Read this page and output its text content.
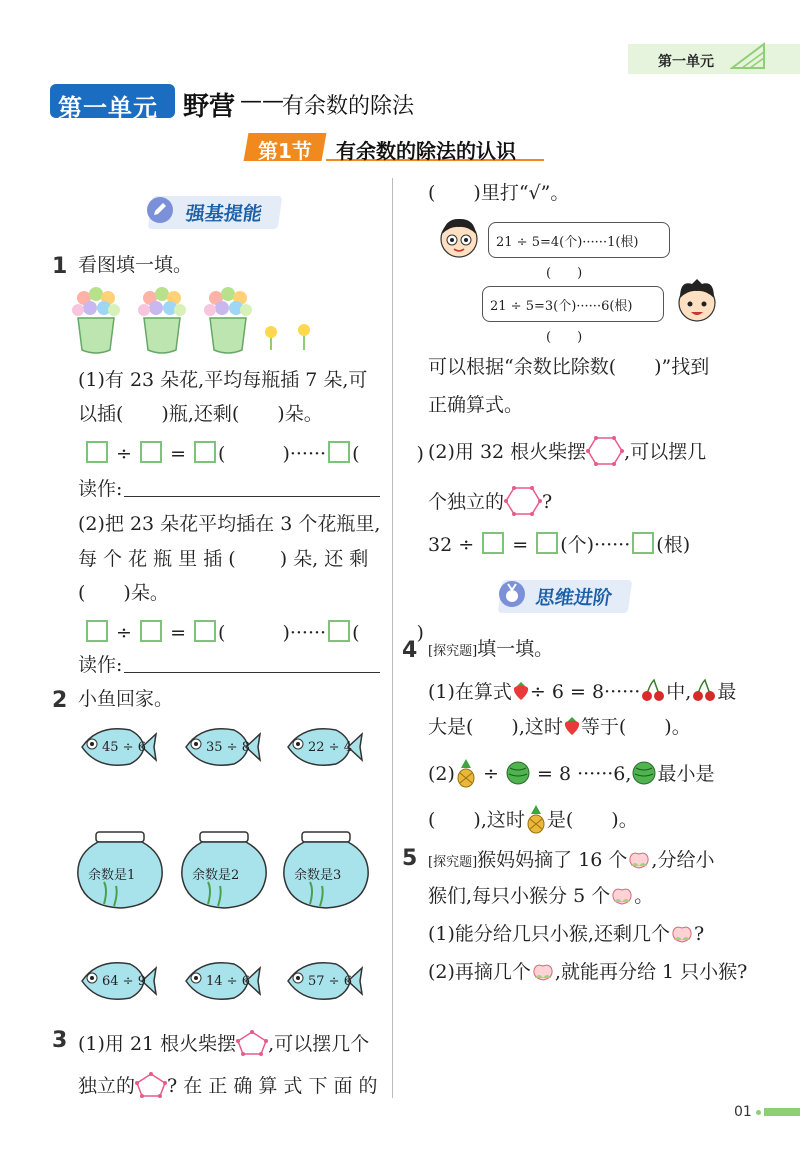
第一单元
第一单元 野营 ——
有余数的除法
第1节 有余数的除法的认识
强基提能
1 看图填一填。
(1)有 23 朵花,平均每瓶插 7 朵,可
以插(　　)瓶,还剩(　　)朵。
÷ = (　　　)······ (　　　)
读作:
(2)把 23 朵花平均插在 3 个花瓶里,
每 个 花 瓶 里 插 (　　 ) 朵, 还 剩
(　　)朵。
÷ = (　　　)······ (　　　)
读作:
2 小鱼回家。
45 ÷ 6	35 ÷ 8	22 ÷ 4
余数是1	余数是2	余数是3
64 ÷ 9	14 ÷ 6	57 ÷ 6
3 (1)用 21 根火柴摆 ,可以摆几个
独立的 ? 在 正 确 算 式 下 面 的
(　　)里打“√”。
21 ÷ 5=4(个)······1(根)
(　　)
21 ÷ 5=3(个)······6(根)
(　　)
可以根据“余数比除数(　　)”找到
正确算式。
(2)用 32 根火柴摆 ,可以摆几
个独立的 ?
32 ÷ = (个)······ (根)
思维进阶
4 [探究题]填一填。
(1)在算式 ÷ 6 = 8······ 中, 最
大是(　　),这时 等于(　　)。
(2) ÷ = 8 ······6, 最小是
(　　),这时 是(　　)。
5 [探究题]猴妈妈摘了 16 个 ,分给小
猴们,每只小猴分 5 个 。
(1)能分给几只小猴,还剩几个 ?
(2)再摘几个 ,就能再分给 1 只小猴?
01
